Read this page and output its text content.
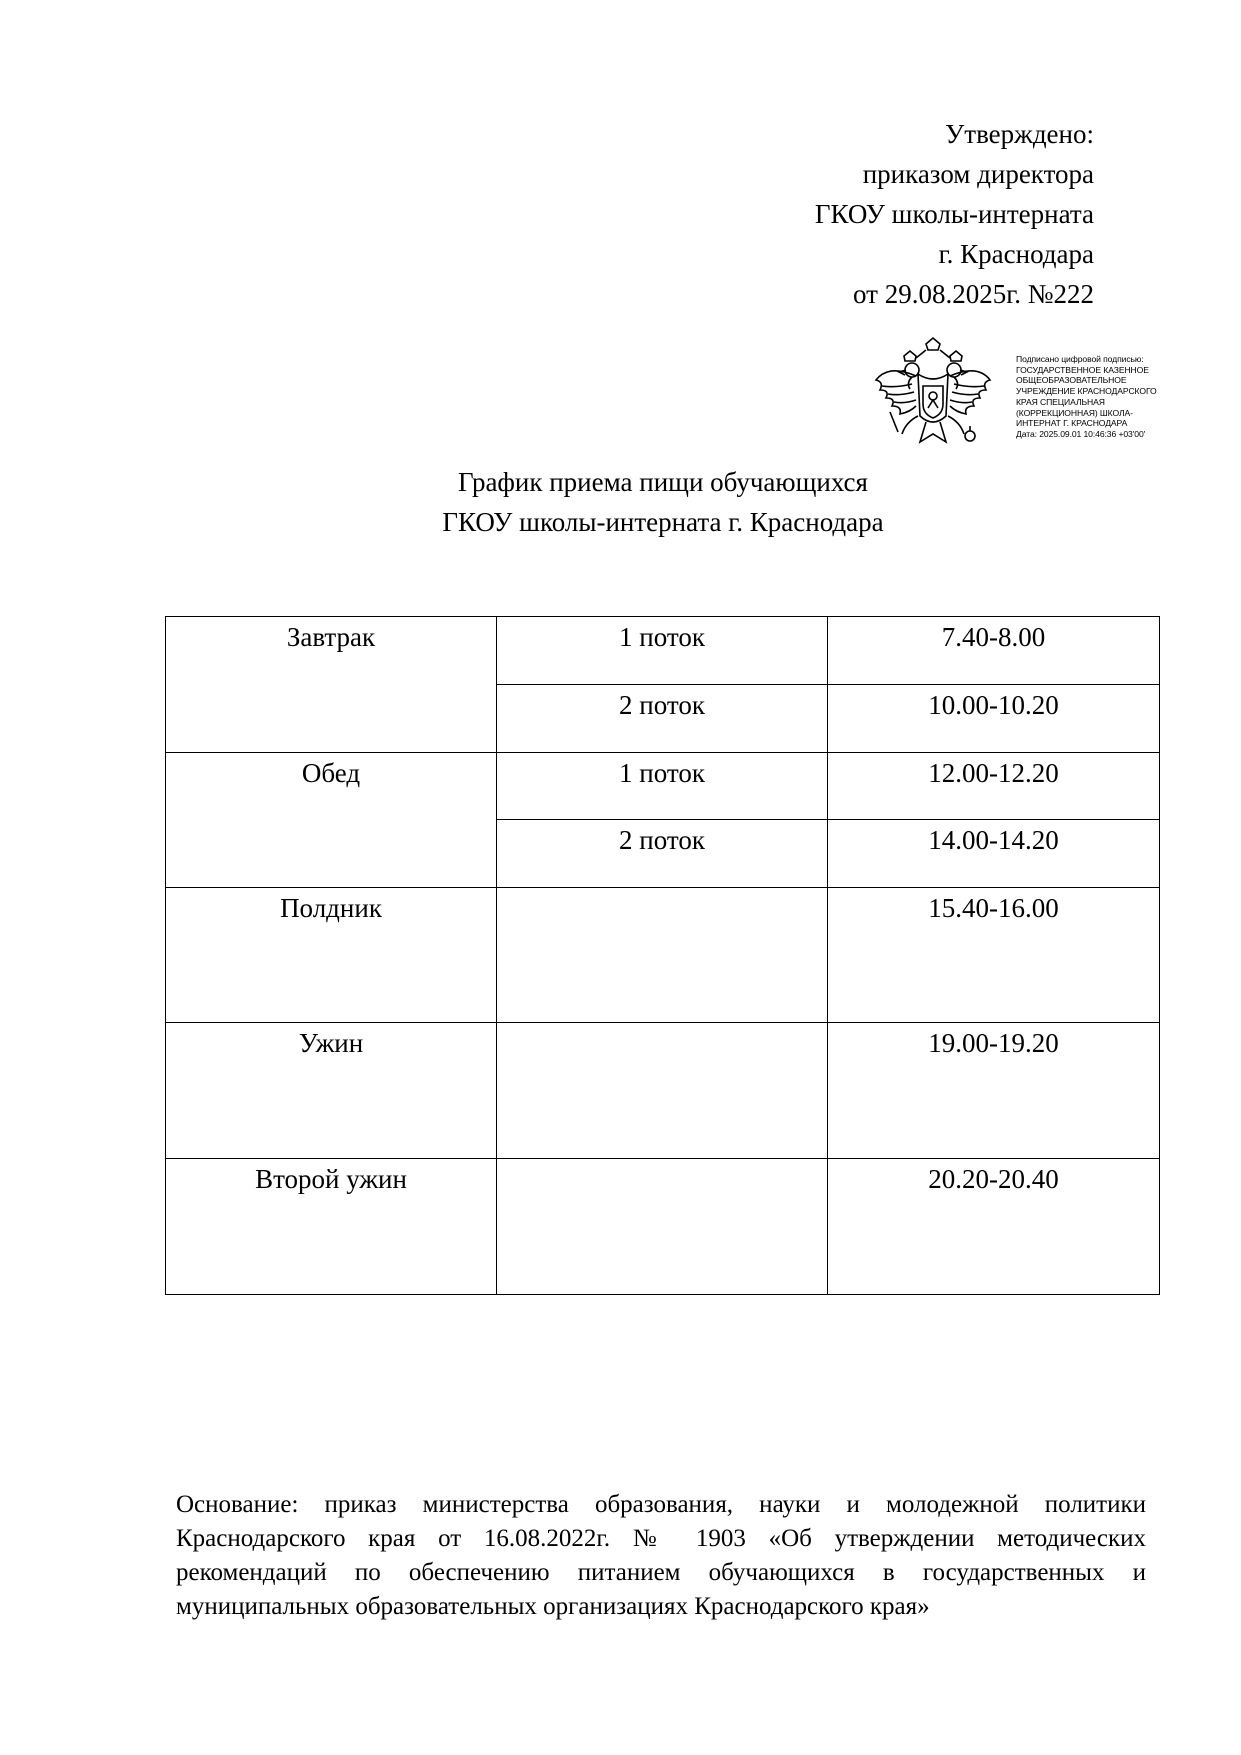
Утверждено:
приказом директора
ГКОУ школы-интерната
г. Краснодара
от 29.08.2025г. №222
Подписано цифровой подписью:
ГОСУДАРСТВЕННОЕ КАЗЕННОЕ
ОБЩЕОБРАЗОВАТЕЛЬНОЕ
УЧРЕЖДЕНИЕ КРАСНОДАРСКОГО
КРАЯ СПЕЦИАЛЬНАЯ
(КОРРЕКЦИОННАЯ) ШКОЛА-
ИНТЕРНАТ Г. КРАСНОДАРА
Дата: 2025.09.01 10:46:36 +03'00'
График приема пищи обучающихся
ГКОУ школы-интерната г. Краснодара
Завтрак	1 поток	7.40-8.00
	2 поток	10.00-10.20
Обед	1 поток	12.00-12.20
	2 поток	14.00-14.20
Полдник		15.40-16.00
Ужин		19.00-19.20
Второй ужин		20.20-20.40
Основание: приказ министерства образования, науки и молодежной политики Краснодарского края от 16.08.2022г. № 1903 «Об утверждении методических рекомендаций по обеспечению питанием обучающихся в государственных и муниципальных образовательных организациях Краснодарского края»
